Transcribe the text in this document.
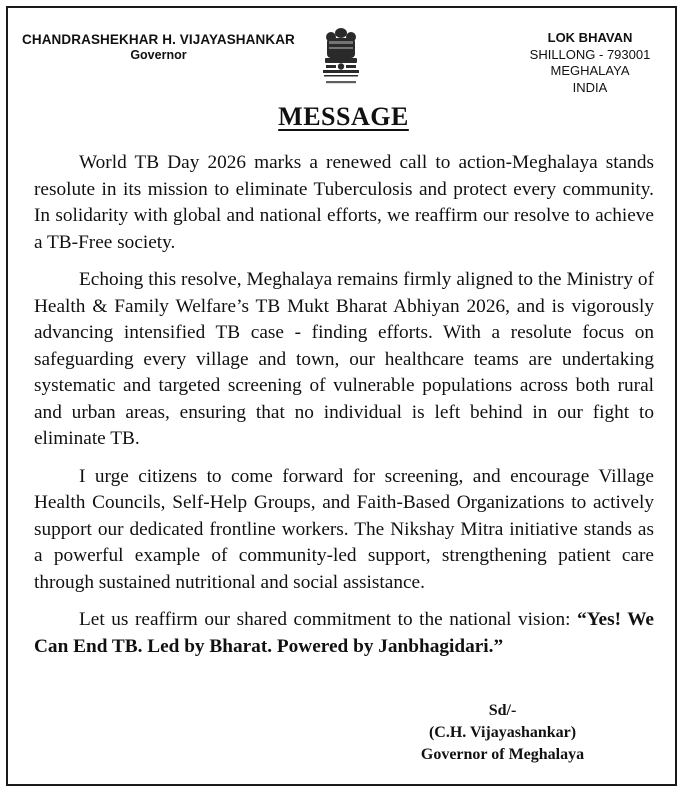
CHANDRASHEKHAR H. VIJAYASHANKAR
Governor
LOK BHAVAN
SHILLONG - 793001
MEGHALAYA
INDIA
MESSAGE

World TB Day 2026 marks a renewed call to action-Meghalaya stands resolute in its mission to eliminate Tuberculosis and protect every community. In solidarity with global and national efforts, we reaffirm our resolve to achieve a TB-Free society.

Echoing this resolve, Meghalaya remains firmly aligned to the Ministry of Health & Family Welfare’s TB Mukt Bharat Abhiyan 2026, and is vigorously advancing intensified TB case - finding efforts. With a resolute focus on safeguarding every village and town, our healthcare teams are undertaking systematic and targeted screening of vulnerable populations across both rural and urban areas, ensuring that no individual is left behind in our fight to eliminate TB.

I urge citizens to come forward for screening, and encourage Village Health Councils, Self-Help Groups, and Faith-Based Organizations to actively support our dedicated frontline workers. The Nikshay Mitra initiative stands as a powerful example of community-led support, strengthening patient care through sustained nutritional and social assistance.

Let us reaffirm our shared commitment to the national vision: “Yes! We Can End TB. Led by Bharat. Powered by Janbhagidari.”

Sd/-
(C.H. Vijayashankar)
Governor of Meghalaya
